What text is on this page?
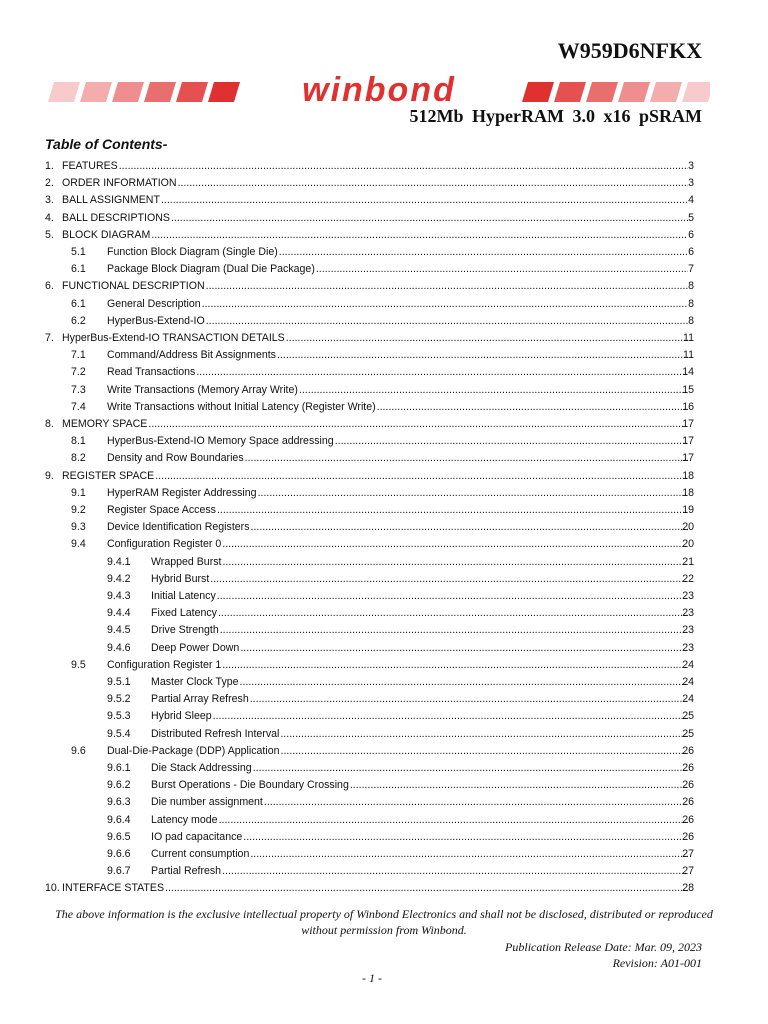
W959D6NFKX
winbond
512Mb HyperRAM 3.0 x16 pSRAM
Table of Contents-
1. FEATURES .....	3
2. ORDER INFORMATION .....	3
3. BALL ASSIGNMENT .....	4
4. BALL DESCRIPTIONS .....	5
5. BLOCK DIAGRAM .....	6
5.1 Function Block Diagram (Single Die) .....	6
6.1 Package Block Diagram (Dual Die Package) .....	7
6. FUNCTIONAL DESCRIPTION .....	8
6.1 General Description .....	8
6.2 HyperBus-Extend-IO .....	8
7. HyperBus-Extend-IO TRANSACTION DETAILS .....	11
7.1 Command/Address Bit Assignments .....	11
7.2 Read Transactions .....	14
7.3 Write Transactions (Memory Array Write) .....	15
7.4 Write Transactions without Initial Latency (Register Write) .....	16
8. MEMORY SPACE .....	17
8.1 HyperBus-Extend-IO Memory Space addressing .....	17
8.2 Density and Row Boundaries .....	17
9. REGISTER SPACE .....	18
9.1 HyperRAM Register Addressing .....	18
9.2 Register Space Access .....	19
9.3 Device Identification Registers .....	20
9.4 Configuration Register 0 .....	20
9.4.1 Wrapped Burst .....	21
9.4.2 Hybrid Burst .....	22
9.4.3 Initial Latency .....	23
9.4.4 Fixed Latency .....	23
9.4.5 Drive Strength .....	23
9.4.6 Deep Power Down .....	23
9.5 Configuration Register 1 .....	24
9.5.1 Master Clock Type .....	24
9.5.2 Partial Array Refresh .....	24
9.5.3 Hybrid Sleep .....	25
9.5.4 Distributed Refresh Interval .....	25
9.6 Dual-Die-Package (DDP) Application .....	26
9.6.1 Die Stack Addressing .....	26
9.6.2 Burst Operations - Die Boundary Crossing .....	26
9.6.3 Die number assignment .....	26
9.6.4 Latency mode .....	26
9.6.5 IO pad capacitance .....	26
9.6.6 Current consumption .....	27
9.6.7 Partial Refresh .....	27
10. INTERFACE STATES .....	28
The above information is the exclusive intellectual property of Winbond Electronics and shall not be disclosed, distributed or reproduced without permission from Winbond.
Publication Release Date: Mar. 09, 2023
Revision: A01-001
- 1 -
